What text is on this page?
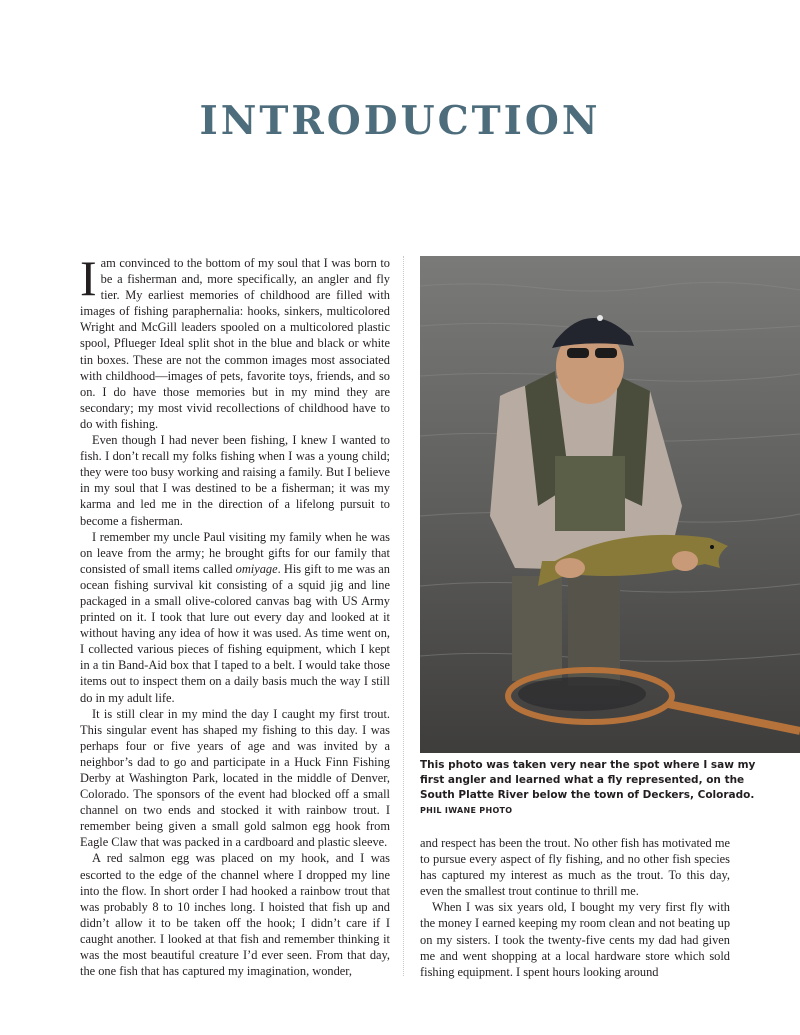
INTRODUCTION

Iam convinced to the bottom of my soul that I was born to be a fisherman and, more specifically, an angler and fly tier. My earliest memories of childhood are filled with images of fishing paraphernalia: hooks, sinkers, multicolored Wright and McGill leaders spooled on a multicolored plastic spool, Pflueger Ideal split shot in the blue and black or white tin boxes. These are not the common images most associated with childhood—images of pets, favorite toys, friends, and so on. I do have those memories but in my mind they are secondary; my most vivid recollections of childhood have to do with fishing.

Even though I had never been fishing, I knew I wanted to fish. I don’t recall my folks fishing when I was a young child; they were too busy working and raising a family. But I believe in my soul that I was destined to be a fisherman; it was my karma and led me in the direction of a lifelong pursuit to become a fisherman.

I remember my uncle Paul visiting my family when he was on leave from the army; he brought gifts for our family that consisted of small items called omiyage. His gift to me was an ocean fishing survival kit consisting of a squid jig and line packaged in a small olive-colored canvas bag with US Army printed on it. I took that lure out every day and looked at it without having any idea of how it was used. As time went on, I collected various pieces of fishing equipment, which I kept in a tin Band-Aid box that I taped to a belt. I would take those items out to inspect them on a daily basis much the way I still do in my adult life.

It is still clear in my mind the day I caught my first trout. This singular event has shaped my fishing to this day. I was perhaps four or five years of age and was invited by a neighbor’s dad to go and participate in a Huck Finn Fishing Derby at Washington Park, located in the middle of Denver, Colorado. The sponsors of the event had blocked off a small channel on two ends and stocked it with rainbow trout. I remember being given a small gold salmon egg hook from Eagle Claw that was packed in a cardboard and plastic sleeve.

A red salmon egg was placed on my hook, and I was escorted to the edge of the channel where I dropped my line into the flow. In short order I had hooked a rainbow trout that was probably 8 to 10 inches long. I hoisted that fish up and didn’t allow it to be taken off the hook; I didn’t care if I caught another. I looked at that fish and remember thinking it was the most beautiful creature I’d ever seen. From that day, the one fish that has captured my imagination, wonder,

This photo was taken very near the spot where I saw my first angler and learned what a fly represented, on the South Platte River below the town of Deckers, Colorado. PHIL IWANE PHOTO

and respect has been the trout. No other fish has motivated me to pursue every aspect of fly fishing, and no other fish species has captured my interest as much as the trout. To this day, even the smallest trout continue to thrill me.

When I was six years old, I bought my very first fly with the money I earned keeping my room clean and not beating up on my sisters. I took the twenty-five cents my dad had given me and went shopping at a local hardware store which sold fishing equipment. I spent hours looking around
